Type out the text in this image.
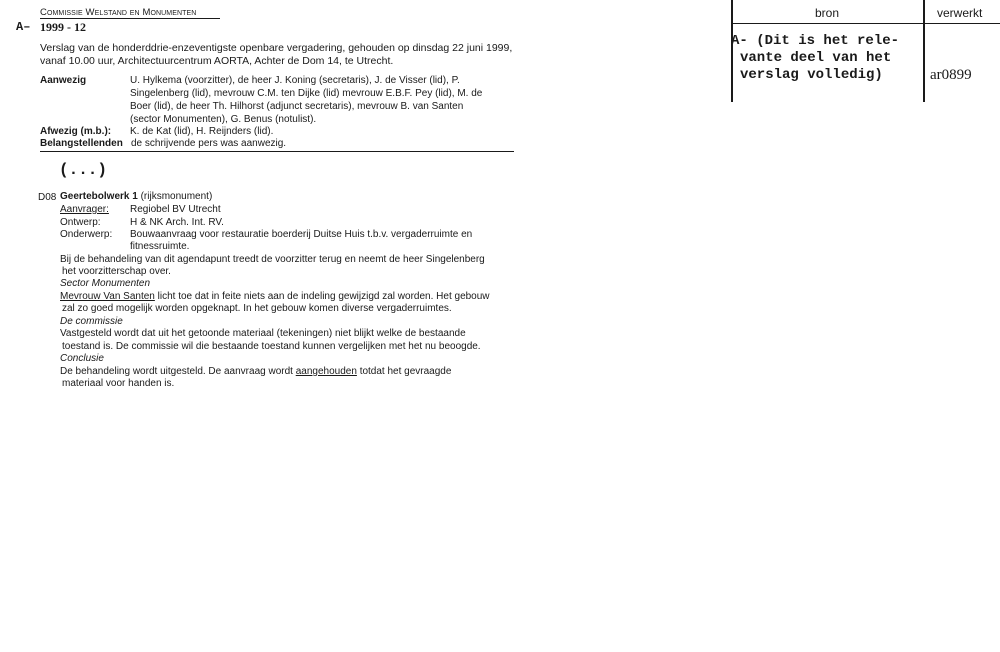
Commissie Welstand en Monumenten
A– 1999 - 12
Verslag van de honderddrie-enzeventigste openbare vergadering, gehouden op dinsdag 22 juni 1999,
vanaf 10.00 uur, Architectuurcentrum AORTA, Achter de Dom 14, te Utrecht.
Aanwezig	U. Hylkema (voorzitter), de heer J. Koning (secretaris), J. de Visser (lid), P.
Singelenberg (lid), mevrouw C.M. ten Dijke (lid) mevrouw E.B.F. Pey (lid), M. de
Boer (lid), de heer Th. Hilhorst (adjunct secretaris), mevrouw B. van Santen
(sector Monumenten), G. Benus (notulist).
Afwezig (m.b.): K. de Kat (lid), H. Reijnders (lid).
Belangstellenden de schrijvende pers was aanwezig.
(...)
D08 Geertebolwerk 1 (rijksmonument)
Aanvrager: Regiobel BV Utrecht
Ontwerp:	H & NK Arch. Int. RV.
Onderwerp: Bouwaanvraag voor restauratie boerderij Duitse Huis t.b.v. vergaderruimte en
fitnessruimte.
Bij de behandeling van dit agendapunt treedt de voorzitter terug en neemt de heer Singelenberg
het voorzitterschap over.
Sector Monumenten
Mevrouw Van Santen licht toe dat in feite niets aan de indeling gewijzigd zal worden. Het gebouw
zal zo goed mogelijk worden opgeknapt. In het gebouw komen diverse vergaderruimtes.
De commissie
Vastgesteld wordt dat uit het getoonde materiaal (tekeningen) niet blijkt welke de bestaande
toestand is. De commissie wil die bestaande toestand kunnen vergelijken met het nu beoogde.
Conclusie
De behandeling wordt uitgesteld. De aanvraag wordt aangehouden totdat het gevraagde
materiaal voor handen is.
bron	verwerkt
A- (Dit is het rele-
vante deel van het
verslag volledig)	ar0899
